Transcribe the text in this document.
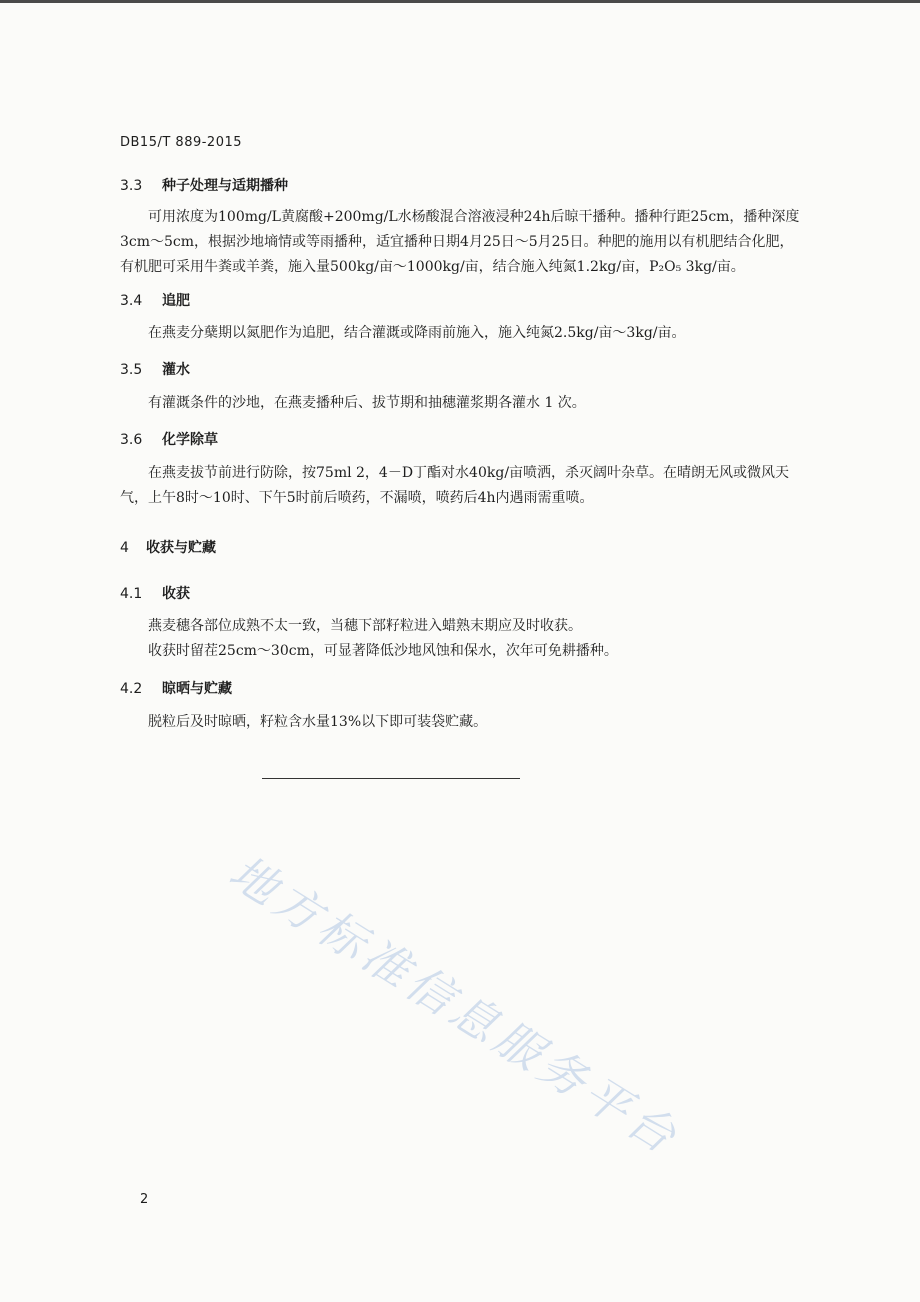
DB15/T 889-2015
3.3 种子处理与适期播种
可用浓度为100mg/L黄腐酸+200mg/L水杨酸混合溶液浸种24h后晾干播种。播种行距25cm，播种深度3cm～5cm，根据沙地墒情或等雨播种，适宜播种日期4月25日～5月25日。种肥的施用以有机肥结合化肥，有机肥可采用牛粪或羊粪，施入量500kg/亩～1000kg/亩，结合施入纯氮1.2kg/亩，P₂O₅ 3kg/亩。
3.4 追肥
在燕麦分蘖期以氮肥作为追肥，结合灌溉或降雨前施入，施入纯氮2.5kg/亩～3kg/亩。
3.5 灌水
有灌溉条件的沙地，在燕麦播种后、拔节期和抽穗灌浆期各灌水 1 次。
3.6 化学除草
在燕麦拔节前进行防除，按75ml 2，4－D丁酯对水40kg/亩喷洒，杀灭阔叶杂草。在晴朗无风或微风天气，上午8时～10时、下午5时前后喷药，不漏喷，喷药后4h内遇雨需重喷。
4 收获与贮藏
4.1 收获
燕麦穗各部位成熟不太一致，当穗下部籽粒进入蜡熟末期应及时收获。
收获时留茬25cm～30cm，可显著降低沙地风蚀和保水，次年可免耕播种。
4.2 晾晒与贮藏
脱粒后及时晾晒，籽粒含水量13%以下即可装袋贮藏。
地方标准信息服务平台
2
